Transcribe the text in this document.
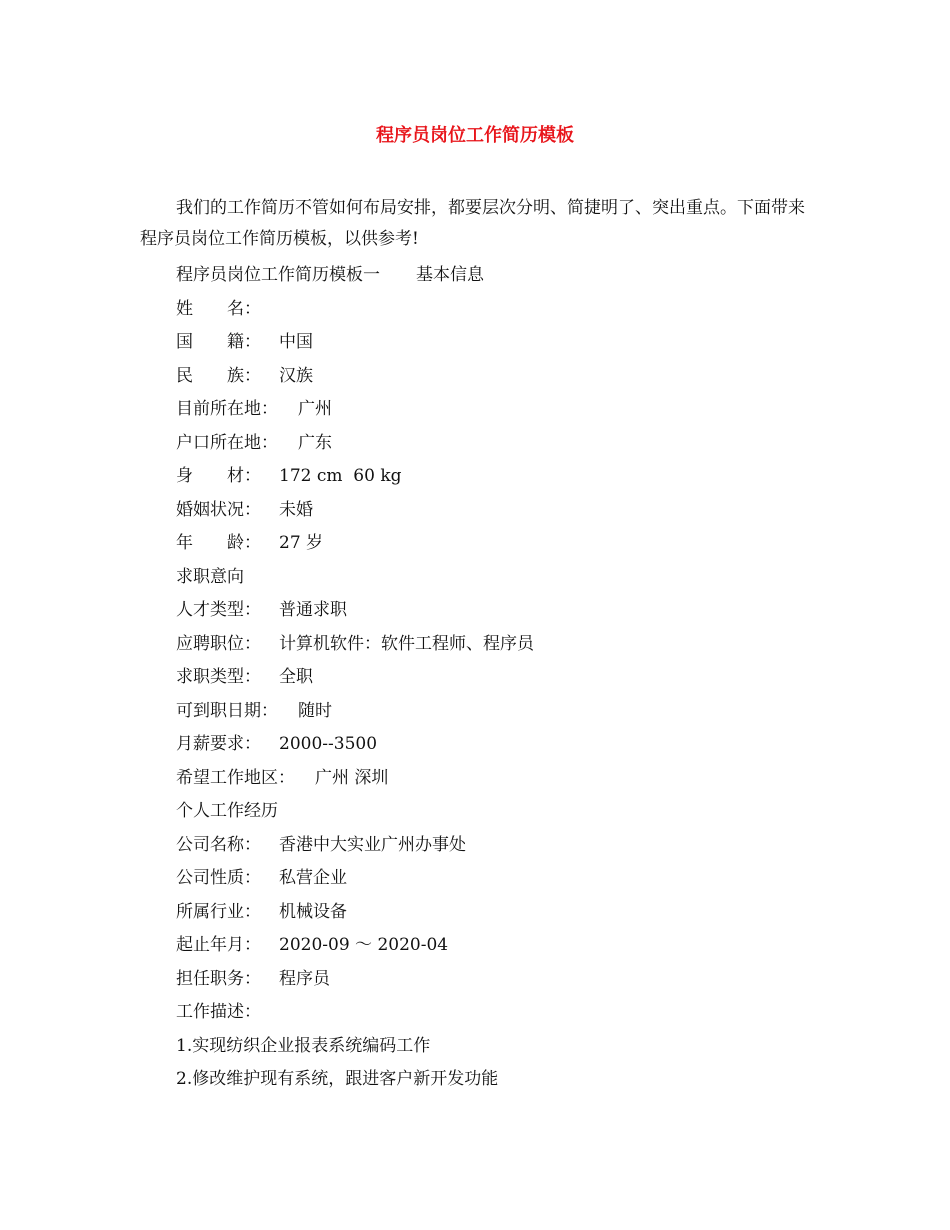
程序员岗位工作简历模板

我们的工作简历不管如何布局安排，都要层次分明、简捷明了、突出重点。下面带来程序员岗位工作简历模板，以供参考!

程序员岗位工作简历模板一 基本信息
姓　　名：
国　　籍： 中国
民　　族： 汉族
目前所在地： 广州
户口所在地： 广东
身　　材： 172 cm  60 kg
婚姻状况： 未婚
年　　龄： 27 岁
求职意向
人才类型： 普通求职
应聘职位： 计算机软件：软件工程师、程序员
求职类型： 全职
可到职日期： 随时
月薪要求： 2000--3500
希望工作地区： 广州 深圳
个人工作经历
公司名称： 香港中大实业广州办事处
公司性质： 私营企业
所属行业： 机械设备
起止年月： 2020-09 ～ 2020-04
担任职务： 程序员
工作描述：
1.实现纺织企业报表系统编码工作
2.修改维护现有系统，跟进客户新开发功能
